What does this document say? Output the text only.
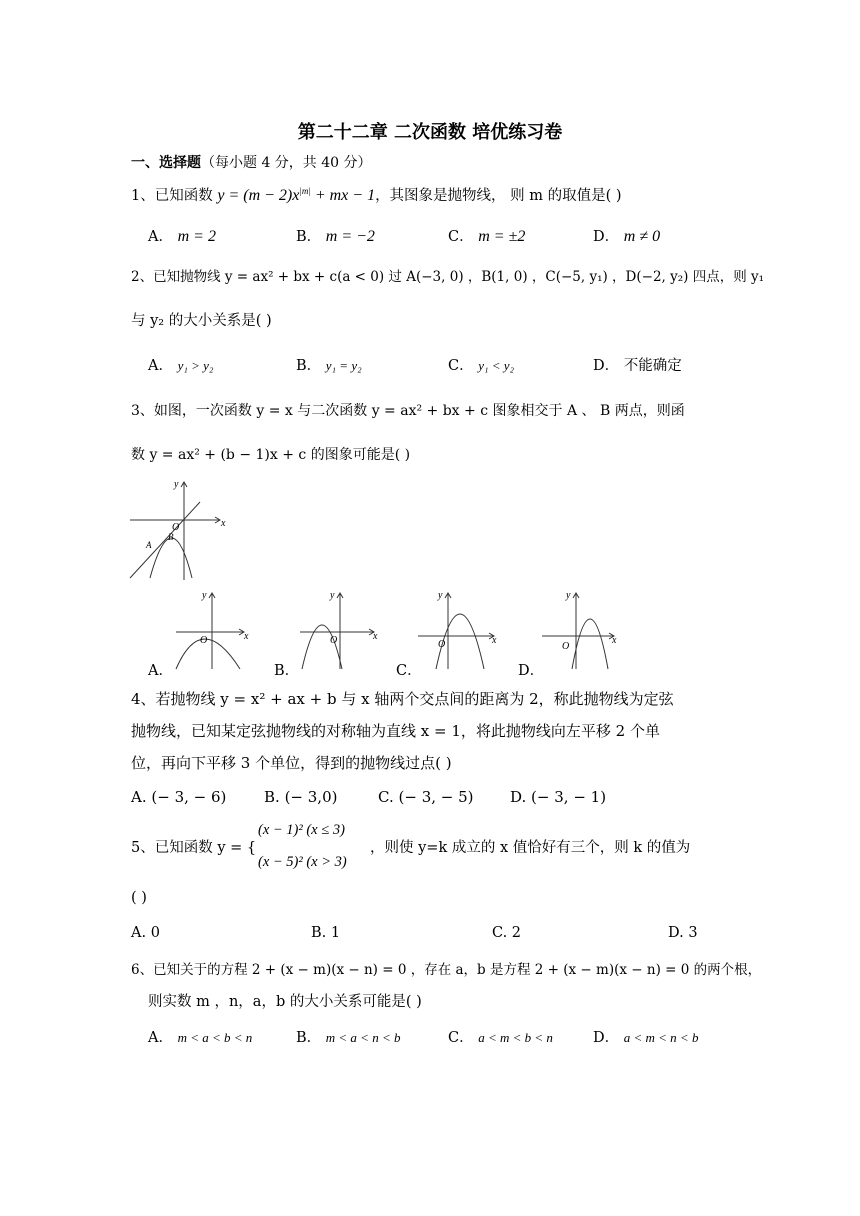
第二十二章 二次函数 培优练习卷
一、选择题（每小题 4 分，共 40 分）
1、已知函数 $y = (m - 2)x^{|m|}$ + mx − 1，其图象是抛物线， 则 m 的取值是( )
A． m = 2	B． m = −2	C． m = ±2	D． m ≠ 0
2、已知抛物线 y = ax² + bx + c(a < 0) 过 A(−3, 0) ，B(1, 0) ，C(−5, y₁) ，D(−2, y₂) 四点，则 y₁
与 y₂ 的大小关系是( )
A． y₁ > y₂	B． y₁ = y₂	C． y₁ < y₂	D． 不能确定
3、如图，一次函数 y = x 与二次函数 y = ax² + bx + c 图象相交于 A 、 B 两点，则函
数 y = ax² + (b − 1)x + c 的图象可能是( )
x
y
O
A
B
A．
x
y
O
B．
x
y
O
C．
x
y
O
D．
x
y
O
4、若抛物线 y = x² + ax + b 与 x 轴两个交点间的距离为 2，称此抛物线为定弦
抛物线，已知某定弦抛物线的对称轴为直线 x = 1，将此抛物线向左平移 2 个单
位，再向下平移 3 个单位，得到的抛物线过点( )
A. (− 3, − 6)	B. (− 3,0)	C. (− 3, − 5) D. (− 3, − 1)
5、已知函数 y = {
(x − 1)² (x ≤ 3)
(x − 5)² (x > 3)
，则使 y=k 成立的 x 值恰好有三个，则 k 的值为
( )
A. 0	B. 1	C. 2	D. 3
6、已知关于的方程 2 + (x − m)(x − n) = 0 ，存在 a，b 是方程 2 + (x − m)(x − n) = 0 的两个根，
则实数 m ，n，a，b 的大小关系可能是( )
A． m < a < b < n	B． m < a < n < b	C． a < m < b < n	D． a < m < n < b
